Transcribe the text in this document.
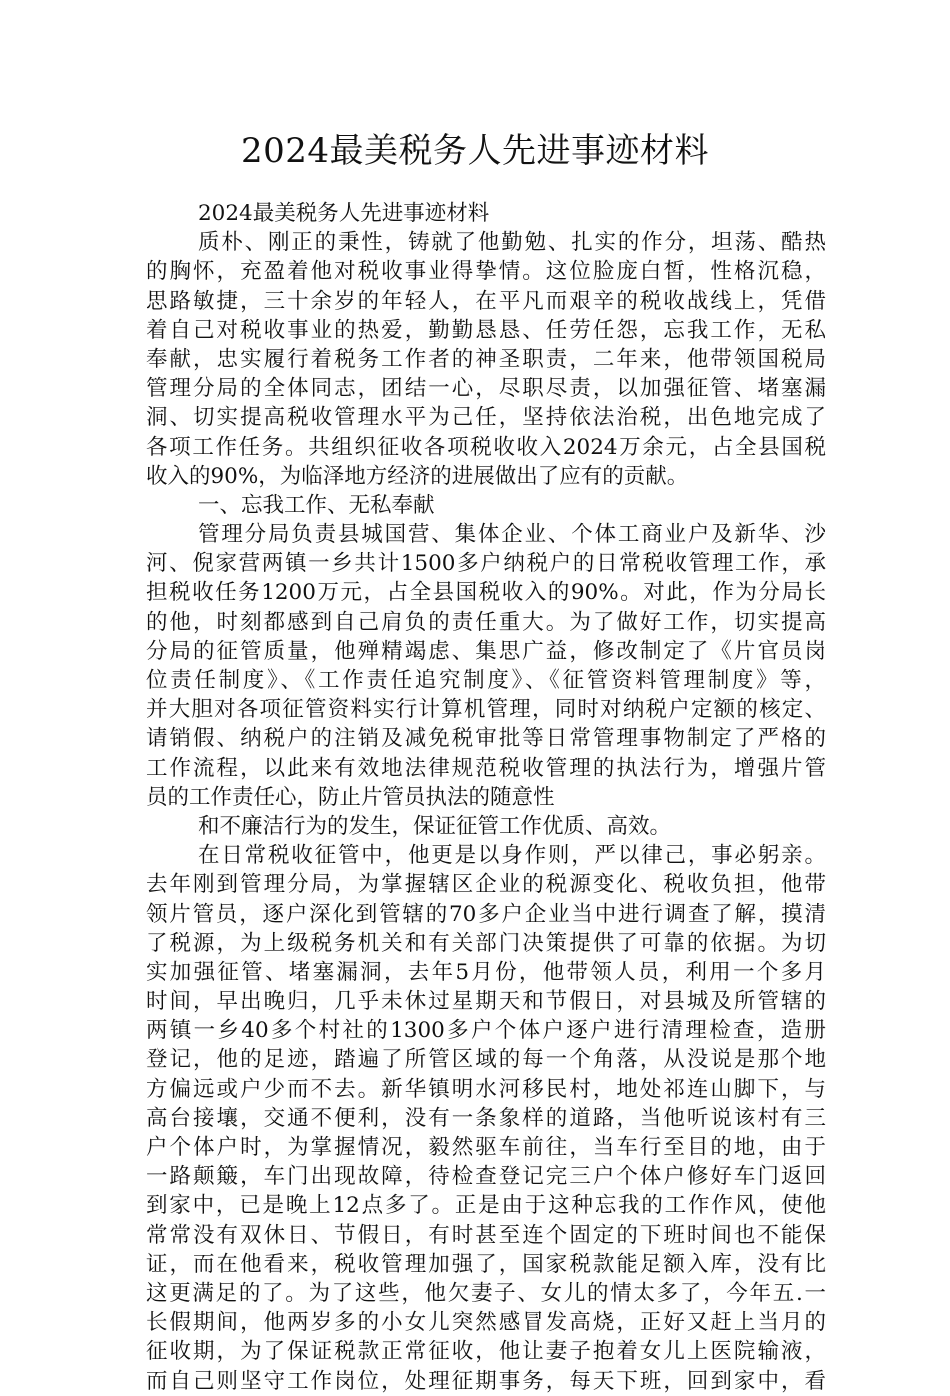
2024最美税务人先进事迹材料
2024最美税务人先进事迹材料
质朴、刚正的秉性，铸就了他勤勉、扎实的作分，坦荡、酷热
的胸怀，充盈着他对税收事业得挚情。这位脸庞白皙，性格沉稳，
思路敏捷，三十余岁的年轻人，在平凡而艰辛的税收战线上，凭借
着自己对税收事业的热爱，勤勤恳恳、任劳任怨，忘我工作，无私
奉献，忠实履行着税务工作者的神圣职责，二年来，他带领国税局
管理分局的全体同志，团结一心，尽职尽责，以加强征管、堵塞漏
洞、切实提高税收管理水平为己任，坚持依法治税，出色地完成了
各项工作任务。共组织征收各项税收收入2024万余元，占全县国税
收入的90%，为临泽地方经济的进展做出了应有的贡献。
一、忘我工作、无私奉献
管理分局负责县城国营、集体企业、个体工商业户及新华、沙
河、倪家营两镇一乡共计1500多户纳税户的日常税收管理工作，承
担税收任务1200万元，占全县国税收入的90%。对此，作为分局长
的他，时刻都感到自己肩负的责任重大。为了做好工作，切实提高
分局的征管质量，他殚精竭虑、集思广益，修改制定了《片官员岗
位责任制度》、《工作责任追究制度》、《征管资料管理制度》等，
并大胆对各项征管资料实行计算机管理，同时对纳税户定额的核定、
请销假、纳税户的注销及减免税审批等日常管理事物制定了严格的
工作流程，以此来有效地法律规范税收管理的执法行为，增强片管
员的工作责任心，防止片管员执法的随意性
和不廉洁行为的发生，保证征管工作优质、高效。
在日常税收征管中，他更是以身作则，严以律己，事必躬亲。
去年刚到管理分局，为掌握辖区企业的税源变化、税收负担，他带
领片管员，逐户深化到管辖的70多户企业当中进行调查了解，摸清
了税源，为上级税务机关和有关部门决策提供了可靠的依据。为切
实加强征管、堵塞漏洞，去年5月份，他带领人员，利用一个多月
时间，早出晚归，几乎未休过星期天和节假日，对县城及所管辖的
两镇一乡40多个村社的1300多户个体户逐户进行清理检查，造册
登记，他的足迹，踏遍了所管区域的每一个角落，从没说是那个地
方偏远或户少而不去。新华镇明水河移民村，地处祁连山脚下，与
高台接壤，交通不便利，没有一条象样的道路，当他听说该村有三
户个体户时，为掌握情况，毅然驱车前往，当车行至目的地，由于
一路颠簸，车门出现故障，待检查登记完三户个体户修好车门返回
到家中，已是晚上12点多了。正是由于这种忘我的工作作风，使他
常常没有双休日、节假日，有时甚至连个固定的下班时间也不能保
证，而在他看来，税收管理加强了，国家税款能足额入库，没有比
这更满足的了。为了这些，他欠妻子、女儿的情太多了，今年五.一
长假期间，他两岁多的小女儿突然感冒发高烧，正好又赶上当月的
征收期，为了保证税款正常征收，他让妻子抱着女儿上医院输液，
而自己则坚守工作岗位，处理征期事务，每天下班，回到家中，看
